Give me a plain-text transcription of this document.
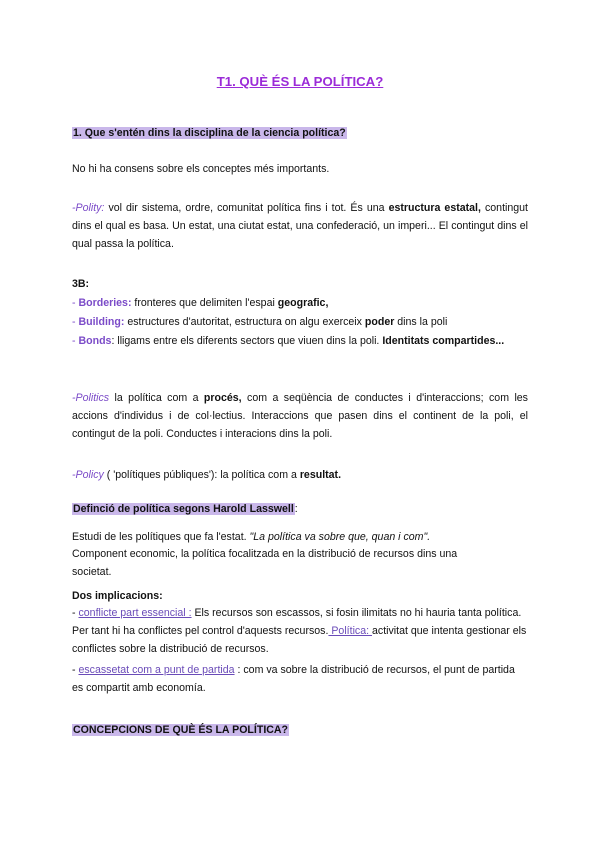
T1. QUÈ ÉS LA POLÍTICA?

1. Que s'entén dins la disciplina de la ciencia política?

No hi ha consens sobre els conceptes més importants.

-Polity: vol dir sistema, ordre, comunitat política fins i tot. És una estructura estatal, contingut dins el qual es basa. Un estat, una ciutat estat, una confederació, un imperi... El contingut dins el qual passa la política.

3B:

- Borderies: fronteres que delimiten l'espai geografic,

- Building: estructures d'autoritat, estructura on algu exerceix poder dins la poli

- Bonds: lligams entre els diferents sectors que viuen dins la poli. Identitats compartides...

-Politics la política com a procés, com a seqüència de conductes i d'interaccions; com les accions d'individus i de col·lectius. Interaccions que pasen dins el continent de la poli, el contingut de la poli. Conductes i interacions dins la poli.

-Policy ( 'polítiques públiques'): la política com a resultat.

Definció de política segons Harold Lasswell:

Estudi de les polítiques que fa l'estat. "La política va sobre que, quan i com".

Component economic, la política focalitzada en la distribució de recursos dins una societat.

Dos implicacions:

- conflicte part essencial : Els recursos son escassos, si fosin ilimitats no hi hauria tanta política. Per tant hi ha conflictes pel control d'aquests recursos. Política: activitat que intenta gestionar els conflictes sobre la distribució de recursos.

- escassetat com a punt de partida : com va sobre la distribució de recursos, el punt de partida es compartit amb economía.

CONCEPCIONS DE QUÈ ÉS LA POLÍTICA?
